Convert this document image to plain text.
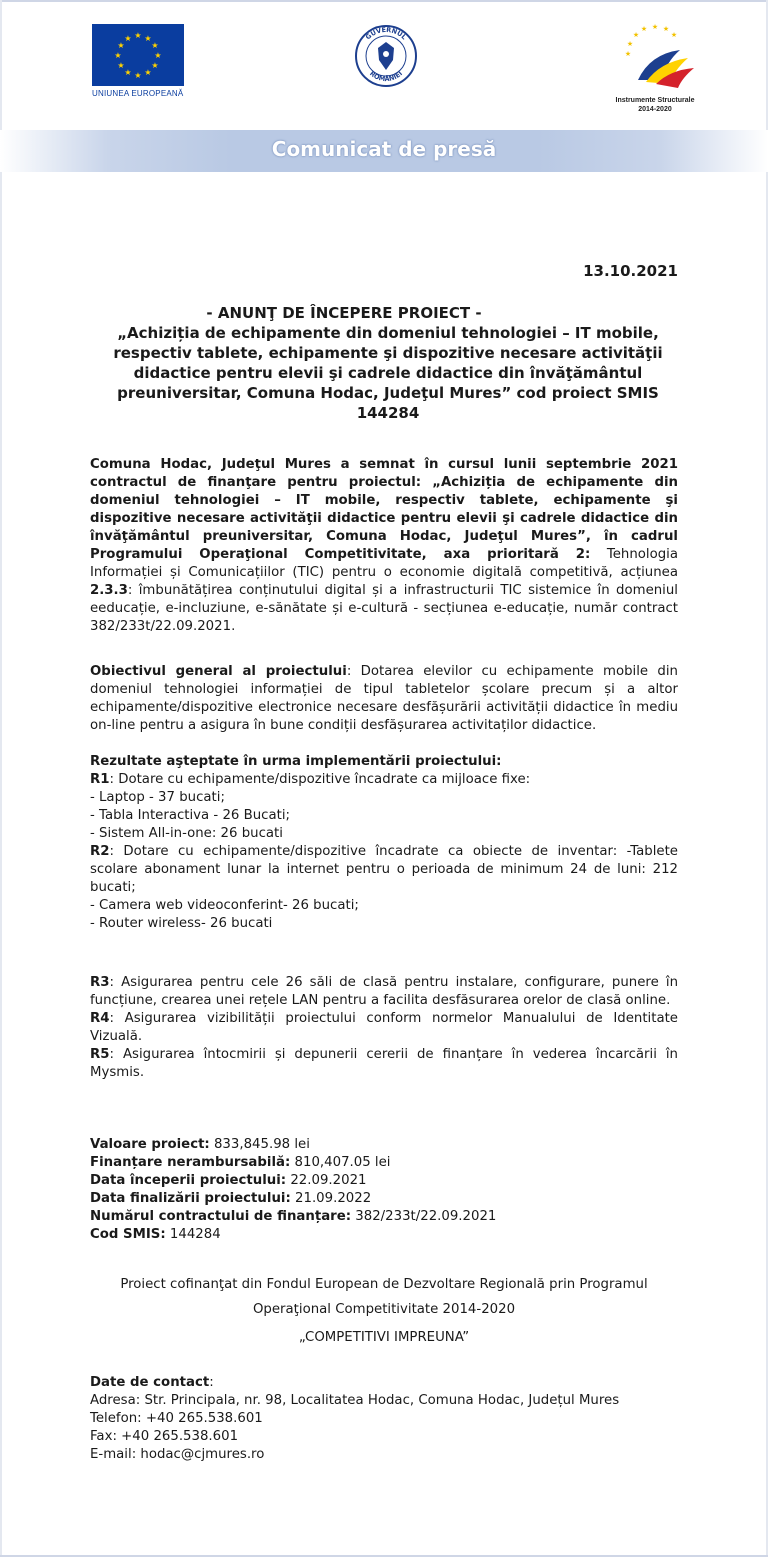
★ ★
★
★
★
★
★
★
★
★
★
★
UNIUNEA EUROPEANĂ
GUVERNUL
ROMÂNIEI
★ ★
★
★
★
★
★
Instrumente Structurale
2014-2020
Comunicat de presă
13.10.2021
- ANUNŢ DE ÎNCEPERE PROIECT -
„Achiziția de echipamente din domeniul tehnologiei – IT mobile, respectiv tablete, echipamente şi dispozitive necesare activităţii didactice pentru elevii şi cadrele didactice din învăţământul preuniversitar, Comuna Hodac, Judeţul Mures” cod proiect SMIS 144284
Comuna Hodac, Judeţul Mures a semnat în cursul lunii septembrie 2021 contractul de finanţare pentru proiectul: „Achiziția de echipamente din domeniul tehnologiei – IT mobile, respectiv tablete, echipamente şi dispozitive necesare activităţii didactice pentru elevii şi cadrele didactice din învăţământul preuniversitar, Comuna Hodac, Judeţul Mures”, în cadrul Programului Operaţional Competitivitate, axa prioritară 2: Tehnologia Informației și Comunicațiilor (TIC) pentru o economie digitală competitivă, acțiunea 2.3.3: îmbunătățirea conținutului digital și a infrastructurii TIC sistemice în domeniul eeducație, e-incluziune, e-sănătate și e-cultură - secțiunea e-educație, număr contract 382/233t/22.09.2021.
Obiectivul general al proiectului: Dotarea elevilor cu echipamente mobile din domeniul tehnologiei informației de tipul tabletelor școlare precum și a altor echipamente/dispozitive electronice necesare desfășurării activității didactice în mediu on-line pentru a asigura în bune condiții desfășurarea activitaților didactice.

Rezultate aşteptate în urma implementării proiectului:

R1: Dotare cu echipamente/dispozitive încadrate ca mijloace fixe:

- Laptop - 37 bucati;

- Tabla Interactiva - 26 Bucati;

- Sistem All-in-one: 26 bucati

R2: Dotare cu echipamente/dispozitive încadrate ca obiecte de inventar: -Tablete scolare abonament lunar la internet pentru o perioada de minimum 24 de luni: 212 bucati;

- Camera web videoconferint- 26 bucati;

- Router wireless- 26 bucati

R3: Asigurarea pentru cele 26 săli de clasă pentru instalare, configurare, punere în funcțiune, crearea unei rețele LAN pentru a facilita desfăsurarea orelor de clasă online.

R4: Asigurarea vizibilității proiectului conform normelor Manualului de Identitate Vizuală.

R5: Asigurarea întocmirii și depunerii cererii de finanțare în vederea încarcării în Mysmis.

Valoare proiect: 833,845.98 lei

Finanțare nerambursabilă: 810,407.05 lei

Data începerii proiectului: 22.09.2021

Data finalizării proiectului: 21.09.2022

Numărul contractului de finanțare: 382/233t/22.09.2021

Cod SMIS: 144284

Proiect cofinanţat din Fondul European de Dezvoltare Regională prin Programul
Operaţional Competitivitate 2014-2020
„COMPETITIVI IMPREUNA”

Date de contact:

Adresa: Str. Principala, nr. 98, Localitatea Hodac, Comuna Hodac, Județul Mures

Telefon: +40 265.538.601

Fax: +40 265.538.601

E-mail: hodac@cjmures.ro
